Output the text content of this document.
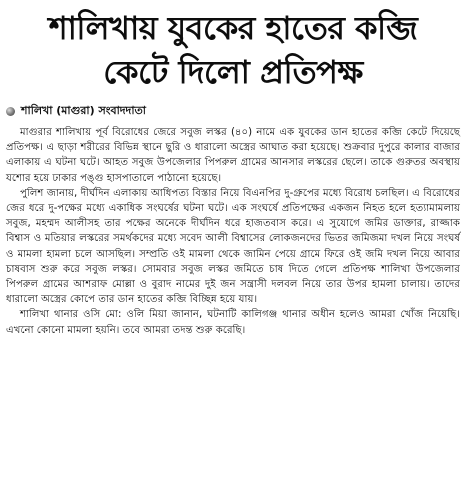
শালিখায় যুবকের হাতের কব্জি
কেটে দিলো প্রতিপক্ষ
শালিখা (মাগুরা) সংবাদদাতা

মাগুরার শালিখায় পূর্ব বিরোধের জেরে সবুজ লস্কর (৪০) নামে এক যুবকের ডান হাতের কব্জি কেটে দিয়েছে প্রতিপক্ষ। এ ছাড়া শরীরের বিভিন্ন স্থানে ছুরি ও ধারালো অস্ত্রের আঘাত করা হয়েছে। শুক্রবার দুপুরে কালার বাজার এলাকায় এ ঘটনা ঘটে। আহত সবুজ উপজেলার পিপরুল গ্রামের আনসার লস্করের ছেলে। তাকে গুরুতর অবস্থায় যশোর হয়ে ঢাকার পঙ্গু হাসপাতালে পাঠানো হয়েছে।

পুলিশ জানায়, দীর্ঘদিন এলাকায় আধিপত্য বিস্তার নিয়ে বিএনপির দু-গ্রুপের মধ্যে বিরোধ চলছিল। এ বিরোধের জের ধরে দু-পক্ষের মধ্যে একাধিক সংঘর্ষের ঘটনা ঘটে। এক সংঘর্ষে প্রতিপক্ষের একজন নিহত হলে হত্যামামলায় সবুজ, মহম্মদ আলীসহ তার পক্ষের অনেকে দীর্ঘদিন ধরে হাজতবাস করে। এ সুযোগে জমির ডাক্তার, রাজ্জাক বিশ্বাস ও মতিয়ার লস্করের সমর্থকদের মধ্যে সবেদ আলী বিশ্বাসের লোকজনদের ভিতর জমিজমা দখল নিয়ে সংঘর্ষ ও মামলা হামলা চলে আসছিল। সম্প্রতি ওই মামলা থেকে জামিন পেয়ে গ্রামে ফিরে ওই জমি দখল নিয়ে আবার চাষবাস শুরু করে সবুজ লস্কর। সোমবার সবুজ লস্কর জমিতে চাষ দিতে গেলে প্রতিপক্ষ শালিখা উপজেলার পিপরুল গ্রামের আশরাফ মোল্লা ও বুরাদ নামের দুই জন সন্ত্রাসী দলবল নিয়ে তার উপর হামলা চালায়। তাদের ধারালো অস্ত্রের কোপে তার ডান হাতের কব্জি বিচ্ছিন্ন হয়ে যায়।

শালিখা থানার ওসি মো: ওলি মিয়া জানান, ঘটনাটি কালিগঞ্জ থানার অধীন হলেও আমরা খোঁজ নিয়েছি। এখনো কোনো মামলা হয়নি। তবে আমরা তদন্ত শুরু করেছি।
